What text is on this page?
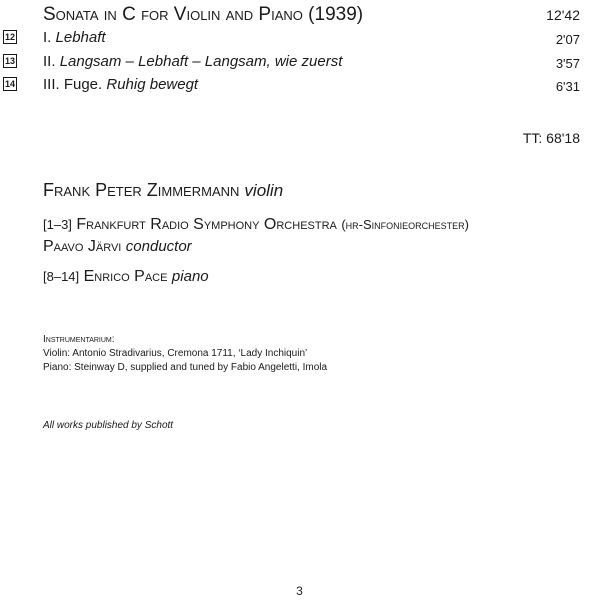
Sonata in C for Violin and Piano (1939)	12'42
12 I. Lebhaft	2'07
13 II. Langsam – Lebhaft – Langsam, wie zuerst	3'57
14 III. Fuge. Ruhig bewegt	6'31
TT: 68'18
Frank Peter Zimmermann violin
[1–3] Frankfurt Radio Symphony Orchestra (hr-Sinfonieorchester)
Paavo Järvi conductor
[8–14] Enrico Pace piano
Instrumentarium:
Violin: Antonio Stradivarius, Cremona 1711, ‘Lady Inchiquin’
Piano: Steinway D, supplied and tuned by Fabio Angeletti, Imola
All works published by Schott
3
